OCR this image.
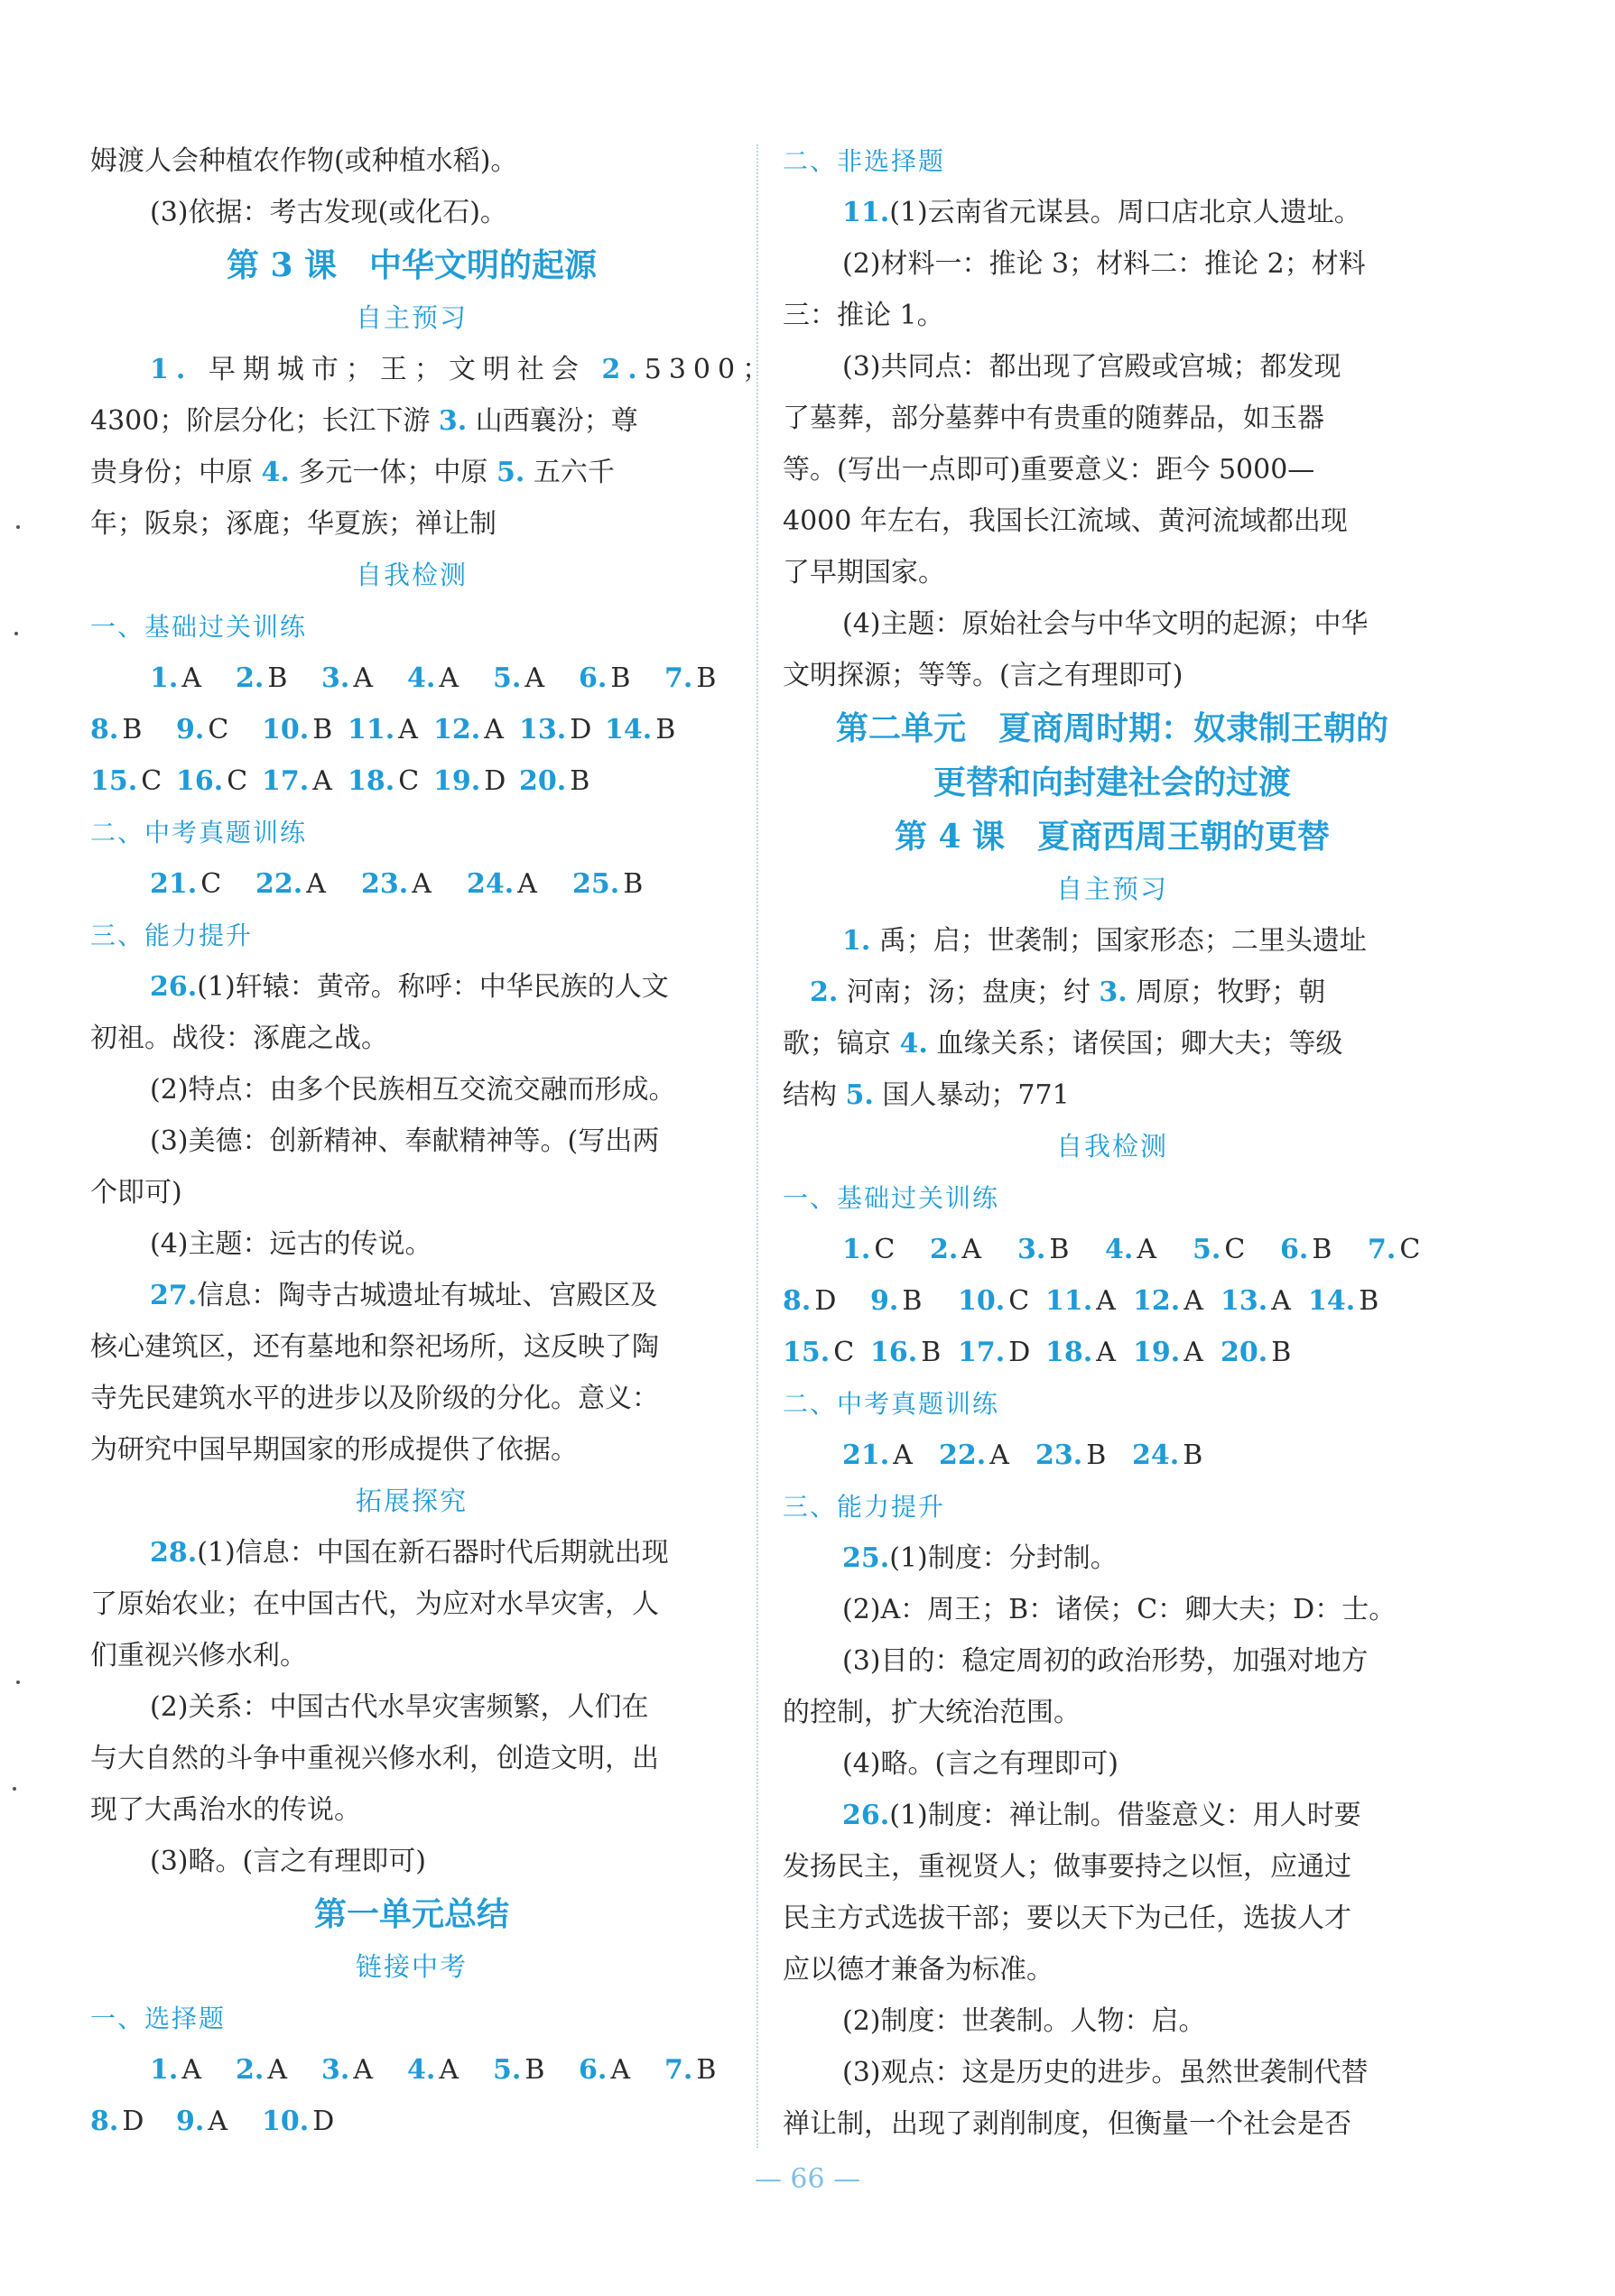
姆渡人会种植农作物(或种植水稻)。
(3)依据：考古发现(或化石)。
第 3 课　中华文明的起源
自主预习
1. 早期城市；王；文明社会 2.5300；
4300；阶层分化；长江下游 3. 山西襄汾；尊
贵身份；中原 4. 多元一体；中原 5. 五六千
年；阪泉；涿鹿；华夏族；禅让制
自我检测
一、基础过关训练
1. A 2. B 3. A 4. A 5. A 6. B 7. B
8. B 9. C 10. B 11. A 12. A 13. D 14. B
15. C 16. C 17. A 18. C 19. D 20. B
二、中考真题训练
21. C 22. A 23. A 24. A 25. B
三、能力提升
26.(1)轩辕：黄帝。称呼：中华民族的人文
初祖。战役：涿鹿之战。
(2)特点：由多个民族相互交流交融而形成。
(3)美德：创新精神、奉献精神等。(写出两
个即可)
(4)主题：远古的传说。
27.信息：陶寺古城遗址有城址、宫殿区及
核心建筑区，还有墓地和祭祀场所，这反映了陶
寺先民建筑水平的进步以及阶级的分化。意义：
为研究中国早期国家的形成提供了依据。
拓展探究
28.(1)信息：中国在新石器时代后期就出现
了原始农业；在中国古代，为应对水旱灾害，人
们重视兴修水利。
(2)关系：中国古代水旱灾害频繁，人们在
与大自然的斗争中重视兴修水利，创造文明，出
现了大禹治水的传说。
(3)略。(言之有理即可)
第一单元总结
链接中考
一、选择题
1. A 2. A 3. A 4. A 5. B 6. A 7. B
8. D 9. A 10. D
二、非选择题
11.(1)云南省元谋县。周口店北京人遗址。
(2)材料一：推论 3；材料二：推论 2；材料
三：推论 1。
(3)共同点：都出现了宫殿或宫城；都发现
了墓葬，部分墓葬中有贵重的随葬品，如玉器
等。(写出一点即可)重要意义：距今 5000—
4000 年左右，我国长江流域、黄河流域都出现
了早期国家。
(4)主题：原始社会与中华文明的起源；中华
文明探源；等等。(言之有理即可)
第二单元　夏商周时期：奴隶制王朝的
更替和向封建社会的过渡
第 4 课　夏商西周王朝的更替
自主预习
1. 禹；启；世袭制；国家形态；二里头遗址
2. 河南；汤；盘庚；纣 3. 周原；牧野；朝
歌；镐京 4. 血缘关系；诸侯国；卿大夫；等级
结构 5. 国人暴动；771
自我检测
一、基础过关训练
1. C 2. A 3. B 4. A 5. C 6. B 7. C
8. D 9. B 10. C 11. A 12. A 13. A 14. B
15. C 16. B 17. D 18. A 19. A 20. B
二、中考真题训练
21. A 22. A 23. B 24. B
三、能力提升
25.(1)制度：分封制。
(2)A：周王；B：诸侯；C：卿大夫；D：士。
(3)目的：稳定周初的政治形势，加强对地方
的控制，扩大统治范围。
(4)略。(言之有理即可)
26.(1)制度：禅让制。借鉴意义：用人时要
发扬民主，重视贤人；做事要持之以恒，应通过
民主方式选拔干部；要以天下为己任，选拔人才
应以德才兼备为标准。
(2)制度：世袭制。人物：启。
(3)观点：这是历史的进步。虽然世袭制代替
禅让制，出现了剥削制度，但衡量一个社会是否
— 66 —
